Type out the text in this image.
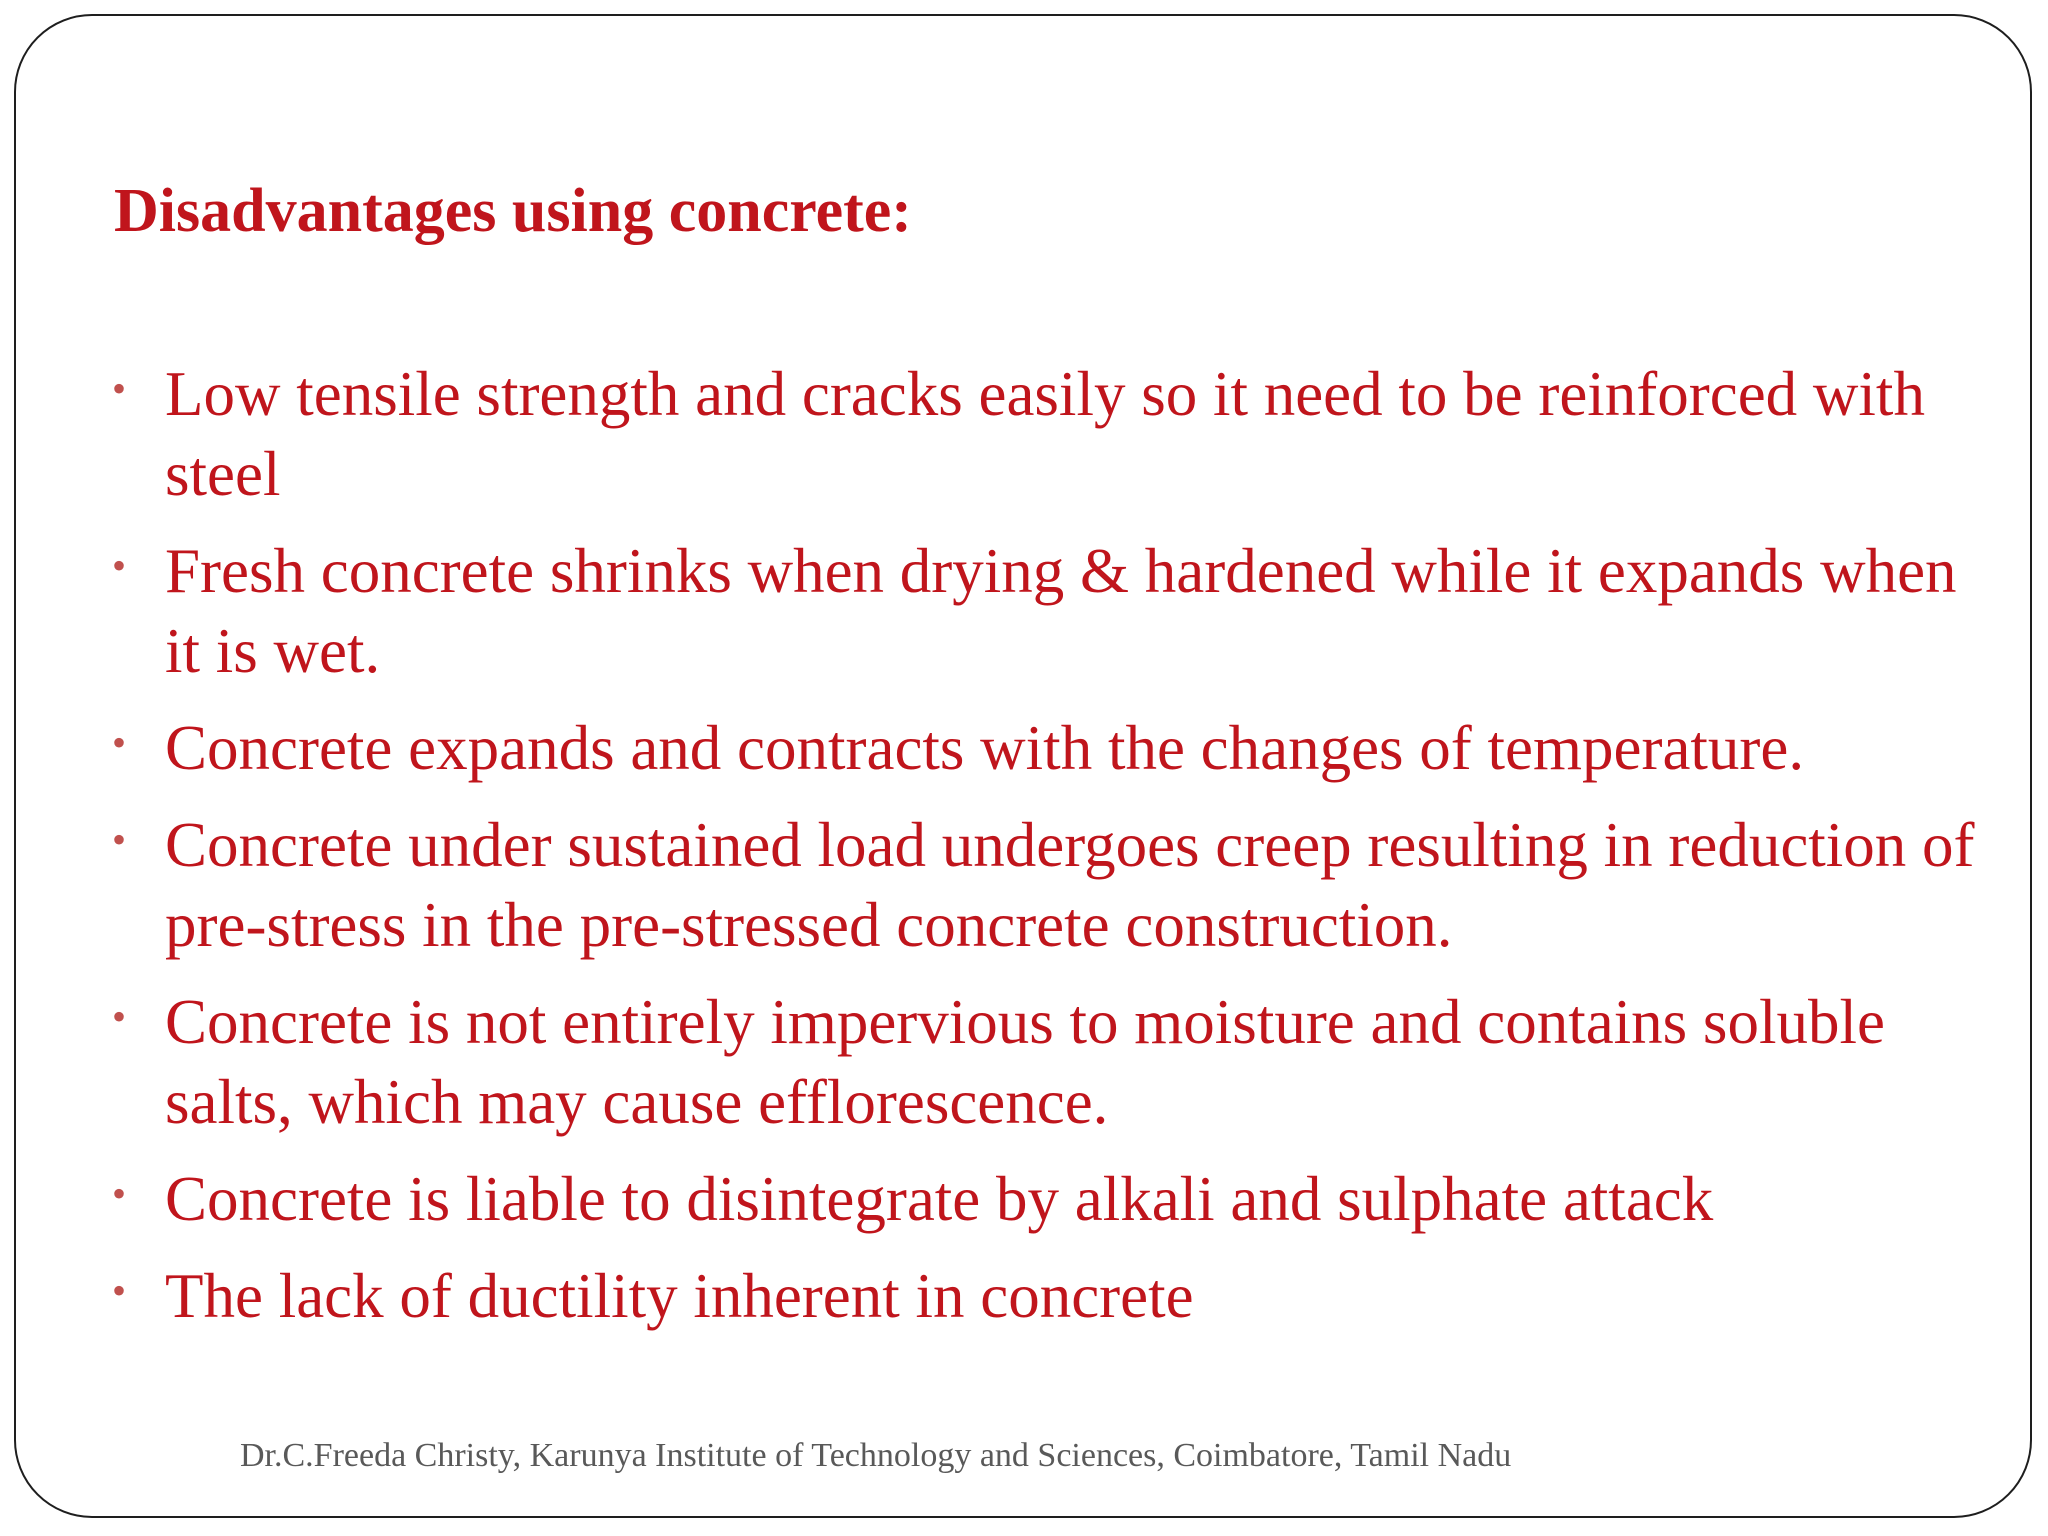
Disadvantages using concrete:
• Low tensile strength and cracks easily so it need to be reinforced with steel
• Fresh concrete shrinks when drying & hardened while it expands when it is wet.
• Concrete expands and contracts with the changes of temperature.
• Concrete under sustained load undergoes creep resulting in reduction of pre-stress in the pre-stressed concrete construction.
• Concrete is not entirely impervious to moisture and contains soluble salts, which may cause efflorescence.
• Concrete is liable to disintegrate by alkali and sulphate attack
• The lack of ductility inherent in concrete

Dr.C.Freeda Christy, Karunya Institute of Technology and Sciences, Coimbatore, Tamil Nadu
